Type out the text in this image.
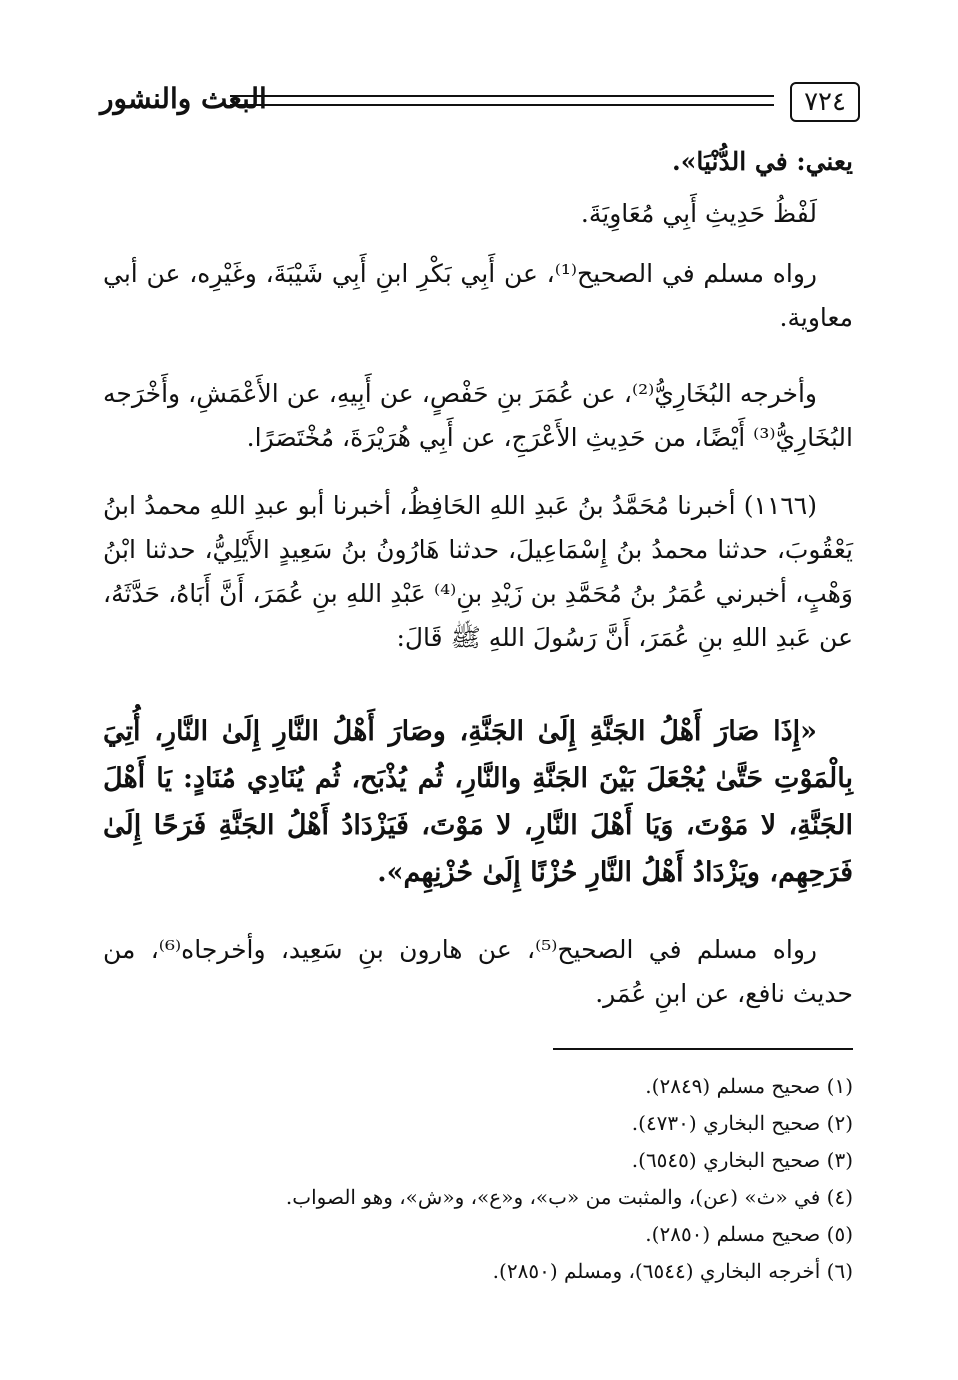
٧٢٤
البعث والنشور
يعني: في الدُّنْيَا».
لَفْظُ حَدِيثِ أَبِي مُعَاوِيَةَ.
رواه مسلم في الصحيح⁽¹⁾، عن أَبِي بَكْرِ ابنِ أَبِي شَيْبَةَ، وغَيْرِه، عن أبي معاوية.
وأخرجه البُخَارِيُّ⁽²⁾، عن عُمَرَ بنِ حَفْصٍ، عن أَبِيهِ، عن الأَعْمَشِ، وأَخْرَجه البُخَارِيُّ⁽³⁾ أَيْضًا، من حَدِيثِ الأَعْرَجِ، عن أَبِي هُرَيْرَةَ، مُخْتَصَرًا.
(١١٦٦) أخبرنا مُحَمَّدُ بنُ عَبدِ اللهِ الحَافِظُ، أخبرنا أبو عبدِ اللهِ محمدُ ابنُ يَعْقُوبَ، حدثنا محمدُ بنُ إِسْمَاعِيلَ، حدثنا هَارُونُ بنُ سَعِيدٍ الأَيْلِيُّ، حدثنا ابْنُ وَهْبٍ، أخبرني عُمَرُ بنُ مُحَمَّدِ بن زَيْدِ بنِ⁽⁴⁾ عَبْدِ اللهِ بنِ عُمَرَ، أَنَّ أَبَاهُ، حَدَّثَهُ، عن عَبدِ اللهِ بنِ عُمَرَ، أَنَّ رَسُولَ اللهِ ﷺ قَالَ:
«إِذَا صَارَ أَهْلُ الجَنَّةِ إِلَىٰ الجَنَّةِ، وصَارَ أَهْلُ النَّارِ إِلَىٰ النَّارِ، أُتِيَ بِالْمَوْتِ حَتَّىٰ يُجْعَلَ بَيْنَ الجَنَّةِ والنَّارِ، ثُم يُذْبَح، ثُم يُنَادِي مُنَادٍ: يَا أَهْلَ الجَنَّةِ، لا مَوْتَ، وَيَا أَهْلَ النَّارِ، لا مَوْتَ، فَيَزْدَادُ أَهْلُ الجَنَّةِ فَرَحًا إِلَىٰ فَرَحِهِم، ويَزْدَادُ أَهْلُ النَّارِ حُزْنًا إِلَىٰ حُزْنِهِم».
رواه مسلم في الصحيح⁽⁵⁾، عن هارون بنِ سَعِيد، وأخرجاه⁽⁶⁾، من حديث نافع، عن ابنِ عُمَر.
(١) صحيح مسلم (٢٨٤٩).
(٢) صحيح البخاري (٤٧٣٠).
(٣) صحيح البخاري (٦٥٤٥).
(٤) في «ث» (عن)، والمثبت من «ب»، و«ع»، و«ش»، وهو الصواب.
(٥) صحيح مسلم (٢٨٥٠).
(٦) أخرجه البخاري (٦٥٤٤)، ومسلم (٢٨٥٠).
